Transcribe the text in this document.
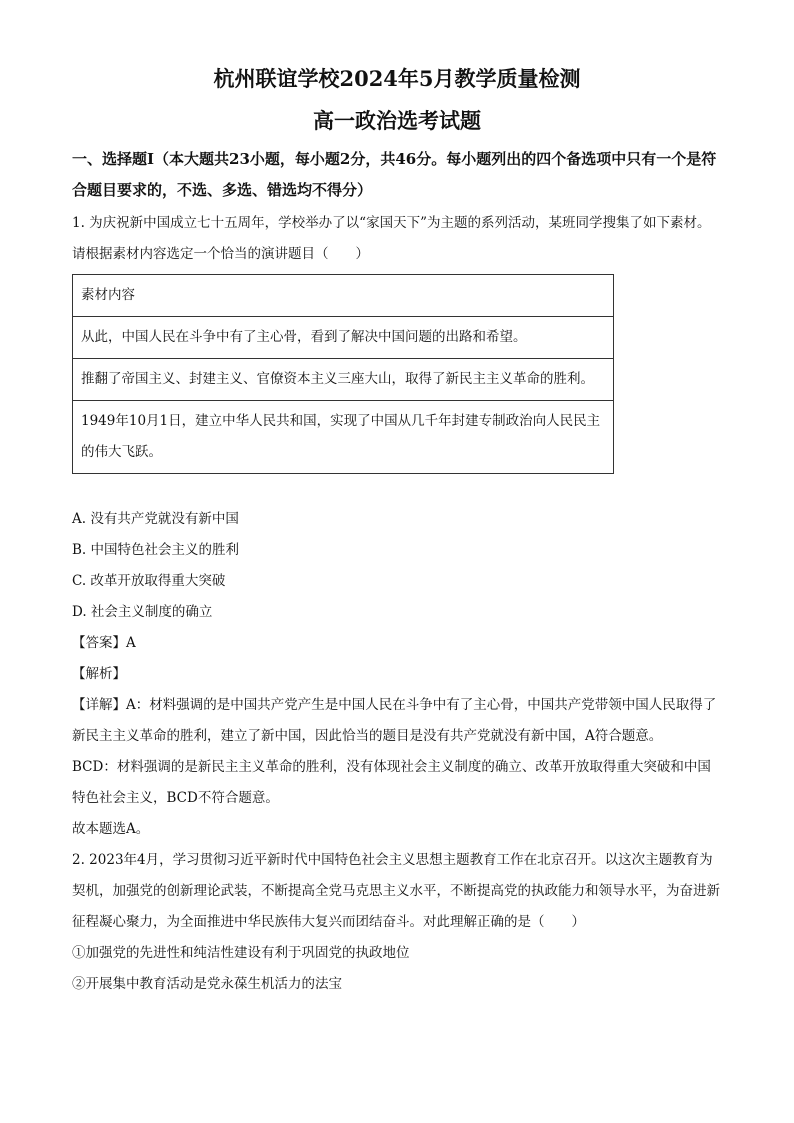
杭州联谊学校2024年5月教学质量检测

高一政治选考试题

一、选择题Ⅰ（本大题共23小题，每小题2分，共46分。每小题列出的四个备选项中只有一个是符合题目要求的，不选、多选、错选均不得分）

1. 为庆祝新中国成立七十五周年，学校举办了以“家国天下”为主题的系列活动，某班同学搜集了如下素材。请根据素材内容选定一个恰当的演讲题目（　　）

素材内容
从此，中国人民在斗争中有了主心骨，看到了解决中国问题的出路和希望。
推翻了帝国主义、封建主义、官僚资本主义三座大山，取得了新民主主义革命的胜利。
1949年10月1日，建立中华人民共和国，实现了中国从几千年封建专制政治向人民民主的伟大飞跃。

A. 没有共产党就没有新中国

B. 中国特色社会主义的胜利

C. 改革开放取得重大突破

D. 社会主义制度的确立

【答案】A

【解析】

【详解】A：材料强调的是中国共产党产生是中国人民在斗争中有了主心骨，中国共产党带领中国人民取得了新民主主义革命的胜利，建立了新中国，因此恰当的题目是没有共产党就没有新中国，A符合题意。

BCD：材料强调的是新民主主义革命的胜利，没有体现社会主义制度的确立、改革开放取得重大突破和中国特色社会主义，BCD不符合题意。

故本题选A。

2. 2023年4月，学习贯彻习近平新时代中国特色社会主义思想主题教育工作在北京召开。以这次主题教育为契机，加强党的创新理论武装，不断提高全党马克思主义水平，不断提高党的执政能力和领导水平，为奋进新征程凝心聚力，为全面推进中华民族伟大复兴而团结奋斗。对此理解正确的是（　　）

①加强党的先进性和纯洁性建设有利于巩固党的执政地位

②开展集中教育活动是党永葆生机活力的法宝
